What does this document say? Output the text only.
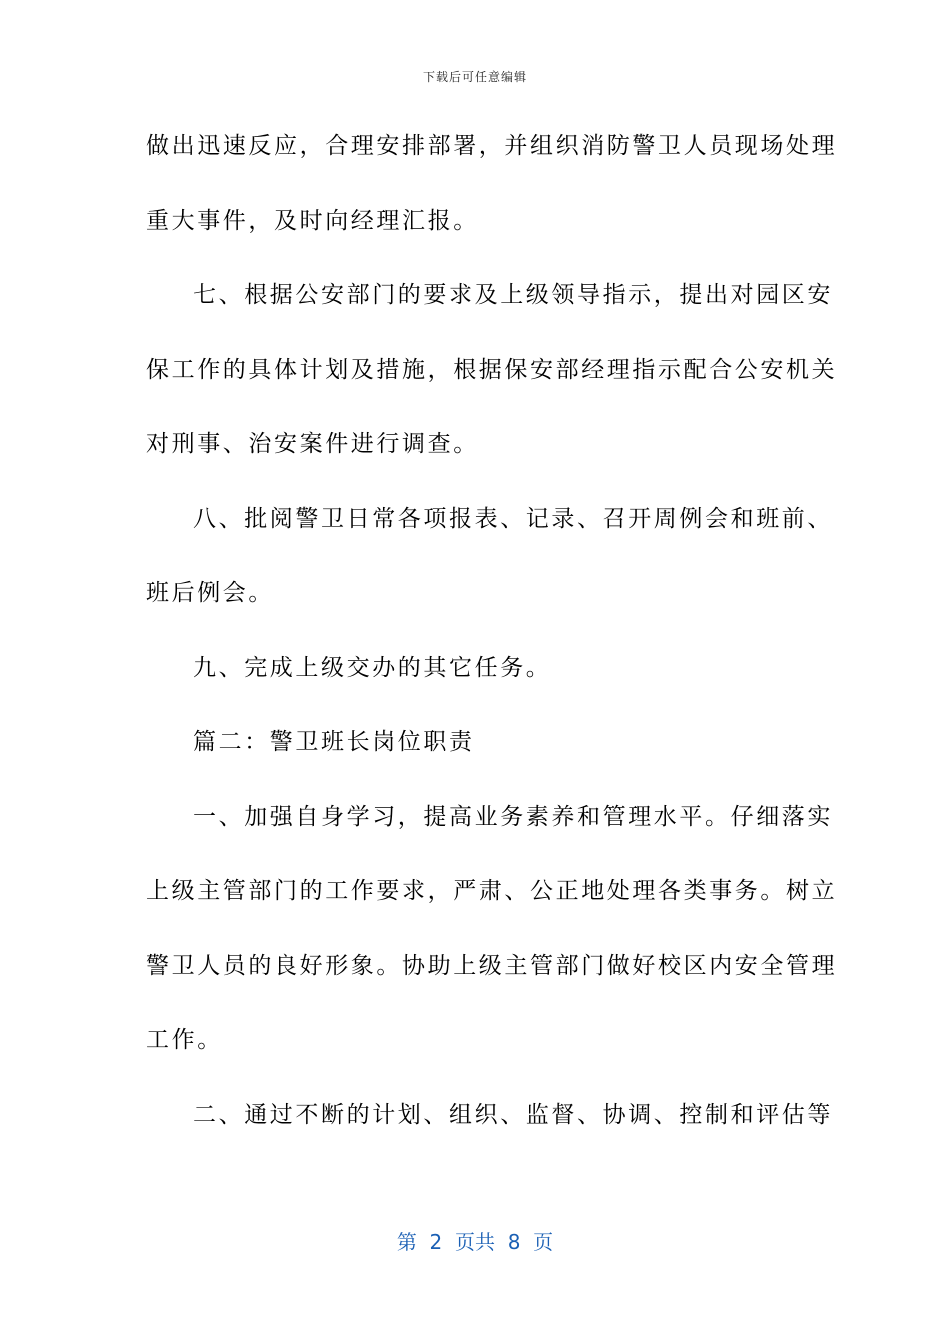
下载后可任意编辑
做出迅速反应，合理安排部署，并组织消防警卫人员现场处理
重大事件，及时向经理汇报。
七、根据公安部门的要求及上级领导指示，提出对园区安
保工作的具体计划及措施，根据保安部经理指示配合公安机关
对刑事、治安案件进行调查。
八、批阅警卫日常各项报表、记录、召开周例会和班前、
班后例会。
九、完成上级交办的其它任务。
篇二：警卫班长岗位职责
一、加强自身学习，提高业务素养和管理水平。仔细落实
上级主管部门的工作要求，严肃、公正地处理各类事务。树立
警卫人员的良好形象。协助上级主管部门做好校区内安全管理
工作。
二、通过不断的计划、组织、监督、协调、控制和评估等
第  2  页共  8  页
